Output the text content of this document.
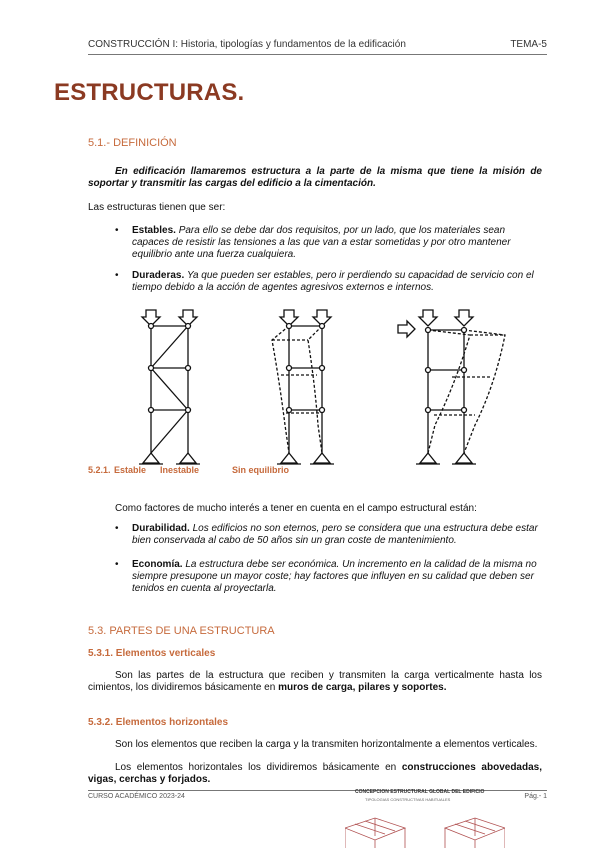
CONSTRUCCIÓN I: Historia, tipologías y fundamentos de la edificación	TEMA-5
ESTRUCTURAS.
5.1.- DEFINICIÓN
En edificación llamaremos estructura a la parte de la misma que tiene la misión de soportar y transmitir las cargas del edificio a la cimentación.
Las estructuras tienen que ser:
• Estables. Para ello se debe dar dos requisitos, por un lado, que los materiales sean capaces de resistir las tensiones a las que van a estar sometidas y por otro mantener equilibrio ante una fuerza cualquiera.
• Duraderas. Ya que pueden ser estables, pero ir perdiendo su capacidad de servicio con el tiempo debido a la acción de agentes agresivos externos e internos.
5.2.1. Estable Inestable	Sin equilibrio
Como factores de mucho interés a tener en cuenta en el campo estructural están:
• Durabilidad. Los edificios no son eternos, pero se considera que una estructura debe estar bien conservada al cabo de 50 años sin un gran coste de mantenimiento.
• Economía. La estructura debe ser económica. Un incremento en la calidad de la misma no siempre presupone un mayor coste; hay factores que influyen en su calidad que deben ser tenidos en cuenta al proyectarla.
5.3. PARTES DE UNA ESTRUCTURA
5.3.1. Elementos verticales
Son las partes de la estructura que reciben y transmiten la carga verticalmente hasta los cimientos, los dividiremos básicamente en muros de carga, pilares y soportes.
5.3.2. Elementos horizontales
Son los elementos que reciben la carga y la transmiten horizontalmente a elementos verticales.
Los elementos horizontales los dividiremos básicamente en construcciones abovedadas, vigas, cerchas y forjados.
CURSO ACADÉMICO 2023-24	Pág.- 1
CONCEPCION ESTRUCTURAL GLOBAL DEL EDIFICIO
TIPOLOGIAS CONSTRUCTIVAS HABITUALES
